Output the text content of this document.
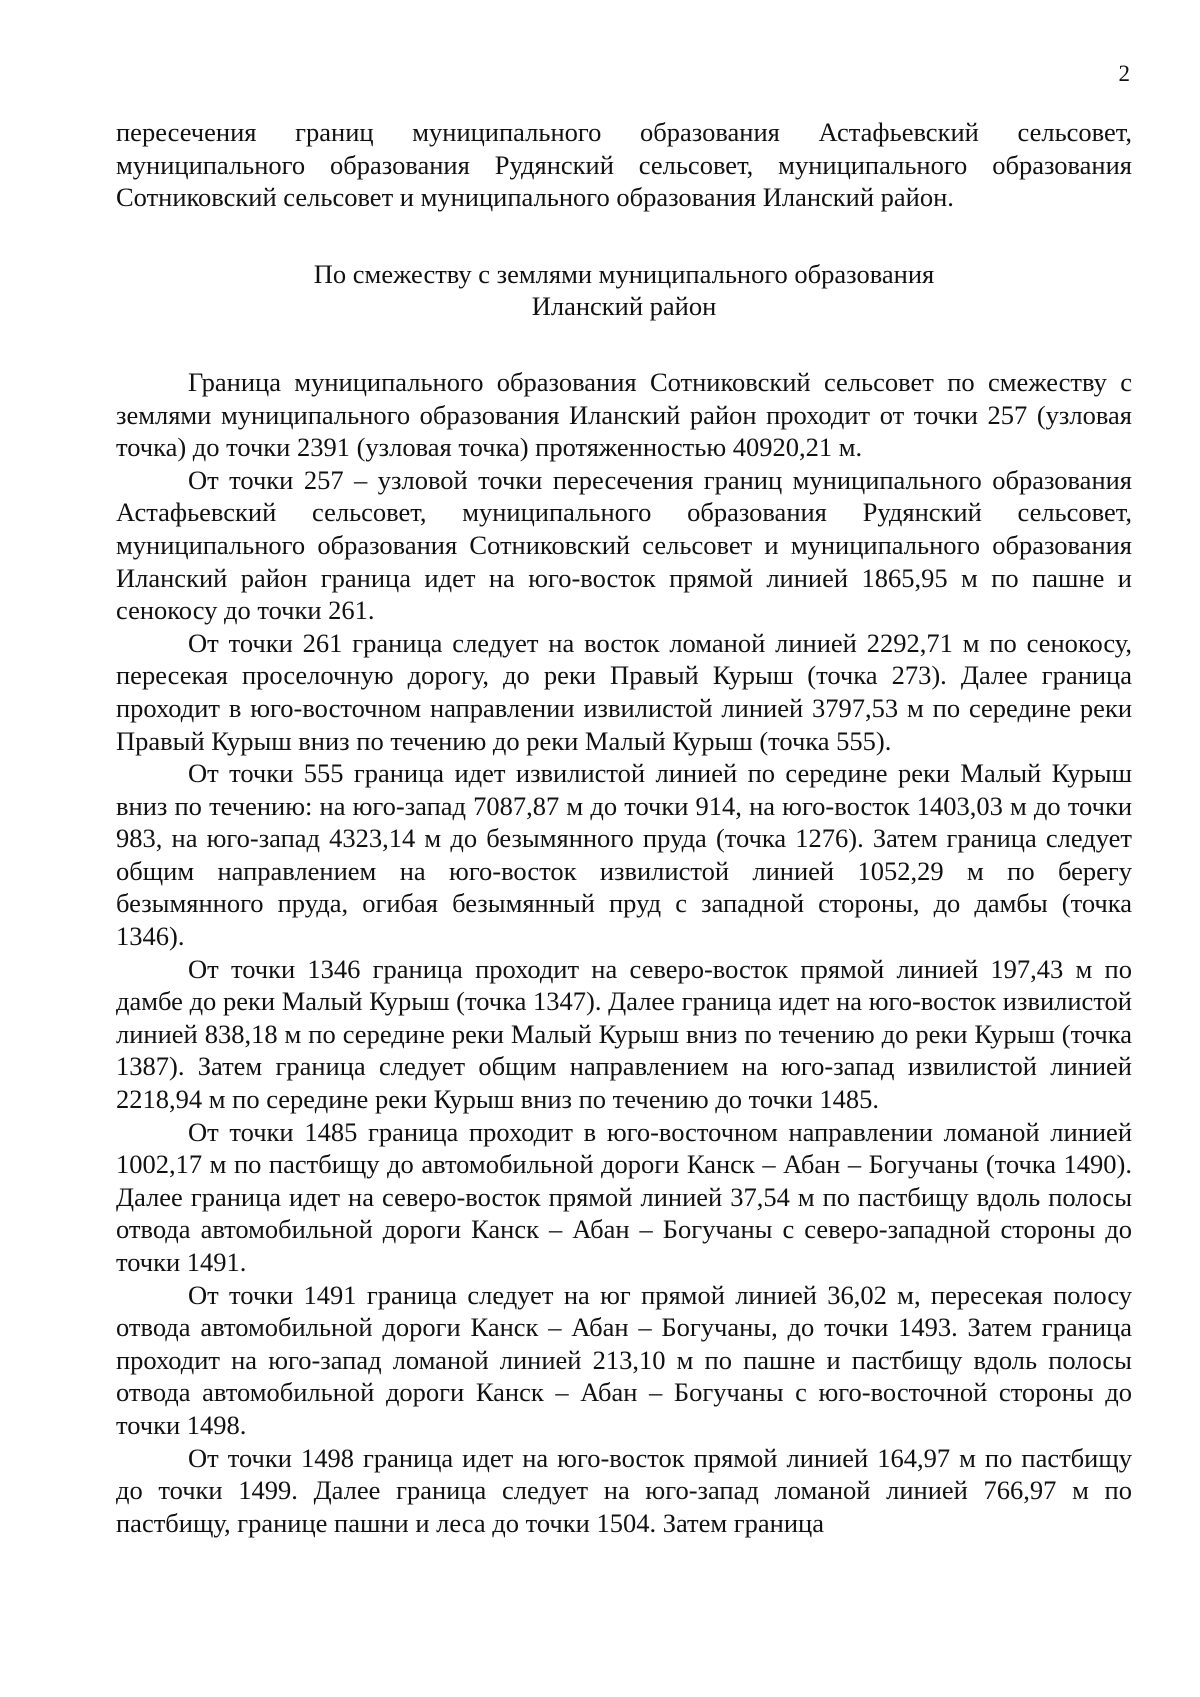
2

пересечения границ муниципального образования Астафьевский сельсовет, муниципального образования Рудянский сельсовет, муниципального образования Сотниковский сельсовет и муниципального образования Иланский район.

По смежеству с землями муниципального образования
Иланский район

Граница муниципального образования Сотниковский сельсовет по смежеству с землями муниципального образования Иланский район проходит от точки 257 (узловая точка) до точки 2391 (узловая точка) протяженностью 40920,21 м.

От точки 257 – узловой точки пересечения границ муниципального образования Астафьевский сельсовет, муниципального образования Рудянский сельсовет, муниципального образования Сотниковский сельсовет и муниципального образования Иланский район граница идет на юго-восток прямой линией 1865,95 м по пашне и сенокосу до точки 261.

От точки 261 граница следует на восток ломаной линией 2292,71 м по сенокосу, пересекая проселочную дорогу, до реки Правый Курыш (точка 273). Далее граница проходит в юго-восточном направлении извилистой линией 3797,53 м по середине реки Правый Курыш вниз по течению до реки Малый Курыш (точка 555).

От точки 555 граница идет извилистой линией по середине реки Малый Курыш вниз по течению: на юго-запад 7087,87 м до точки 914, на юго-восток 1403,03 м до точки 983, на юго-запад 4323,14 м до безымянного пруда (точка 1276). Затем граница следует общим направлением на юго-восток извилистой линией 1052,29 м по берегу безымянного пруда, огибая безымянный пруд с западной стороны, до дамбы (точка 1346).

От точки 1346 граница проходит на северо-восток прямой линией 197,43 м по дамбе до реки Малый Курыш (точка 1347). Далее граница идет на юго-восток извилистой линией 838,18 м по середине реки Малый Курыш вниз по течению до реки Курыш (точка 1387). Затем граница следует общим направлением на юго-запад извилистой линией 2218,94 м по середине реки Курыш вниз по течению до точки 1485.

От точки 1485 граница проходит в юго-восточном направлении ломаной линией 1002,17 м по пастбищу до автомобильной дороги Канск – Абан – Богучаны (точка 1490). Далее граница идет на северо-восток прямой линией 37,54 м по пастбищу вдоль полосы отвода автомобильной дороги Канск – Абан – Богучаны с северо-западной стороны до точки 1491.

От точки 1491 граница следует на юг прямой линией 36,02 м, пересекая полосу отвода автомобильной дороги Канск – Абан – Богучаны, до точки 1493. Затем граница проходит на юго-запад ломаной линией 213,10 м по пашне и пастбищу вдоль полосы отвода автомобильной дороги Канск – Абан – Богучаны с юго-восточной стороны до точки 1498.

От точки 1498 граница идет на юго-восток прямой линией 164,97 м по пастбищу до точки 1499. Далее граница следует на юго-запад ломаной линией 766,97 м по пастбищу, границе пашни и леса до точки 1504. Затем граница
